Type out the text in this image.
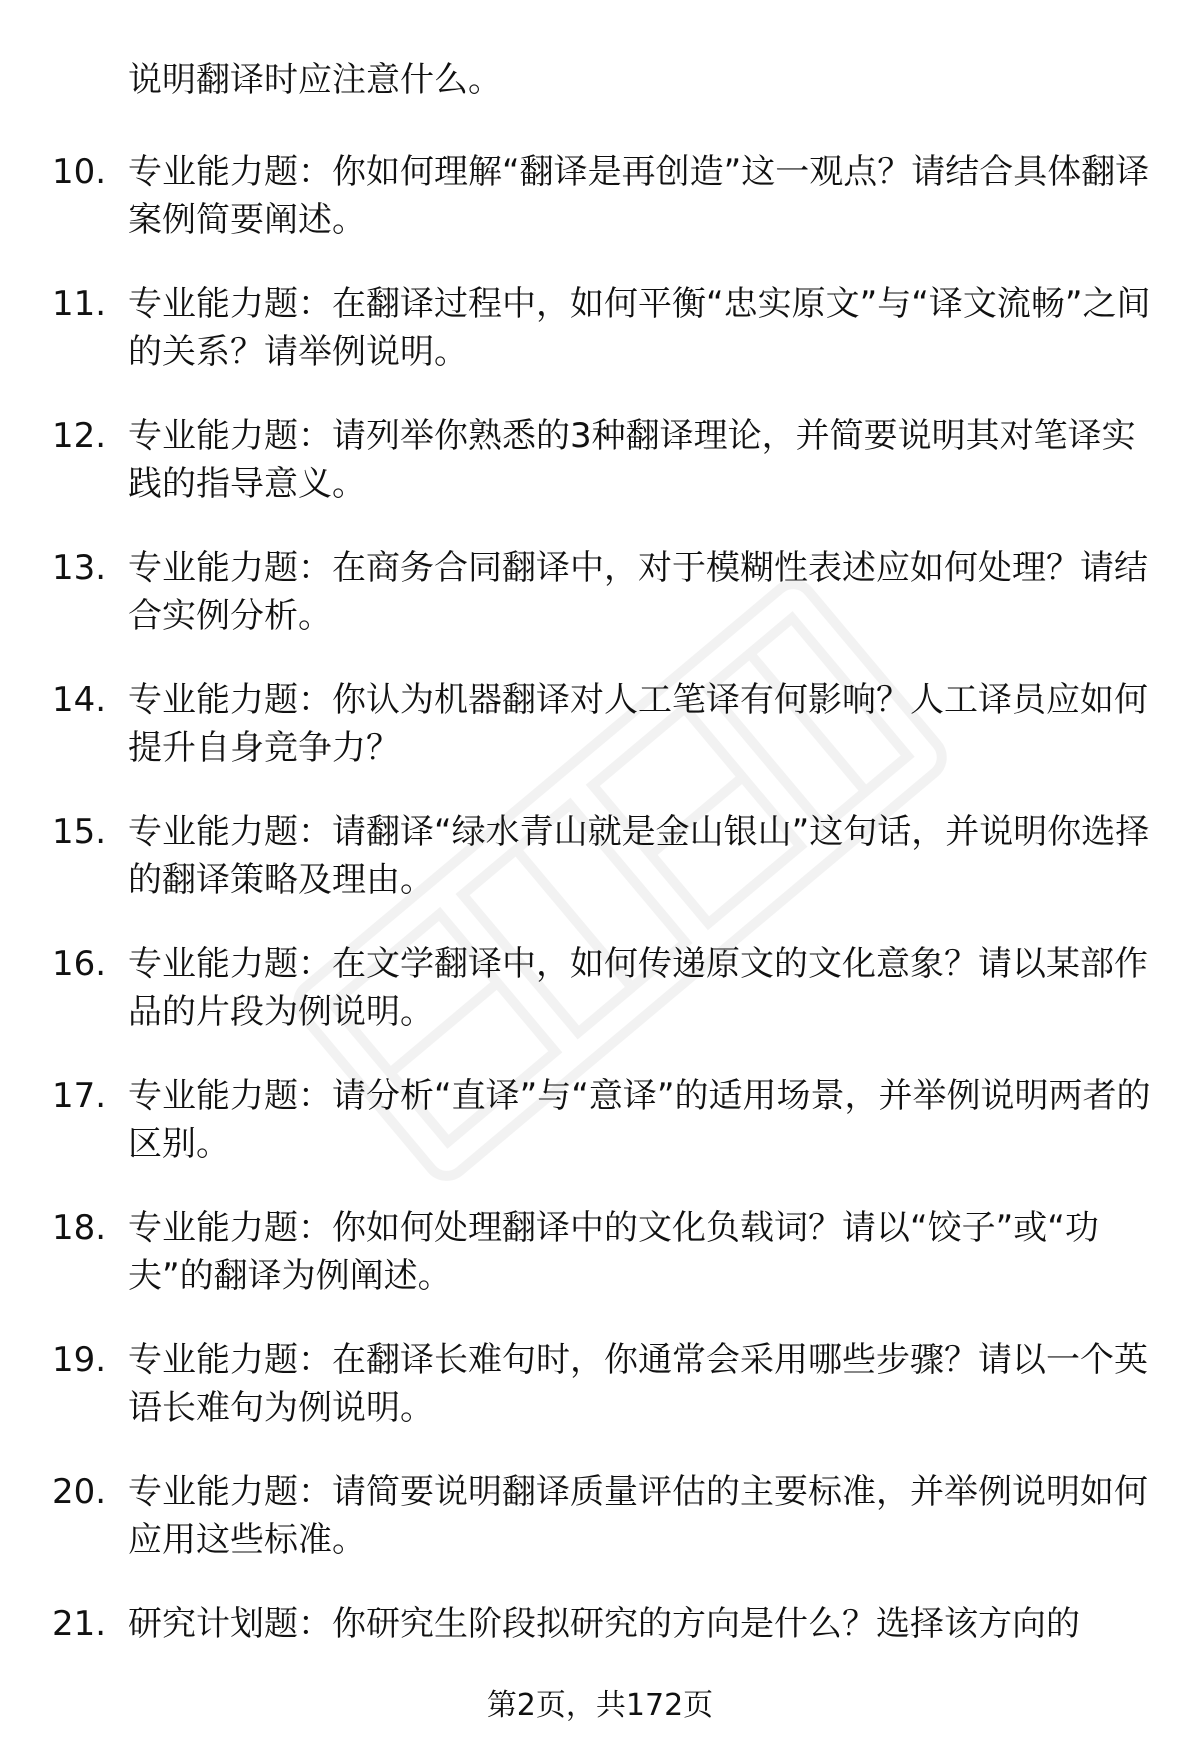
说明翻译时应注意什么。

10. 专业能力题：你如何理解“翻译是再创造”这一观点？请结合具体翻译案例简要阐述。

11. 专业能力题：在翻译过程中，如何平衡“忠实原文”与“译文流畅”之间的关系？请举例说明。

12. 专业能力题：请列举你熟悉的3种翻译理论，并简要说明其对笔译实践的指导意义。

13. 专业能力题：在商务合同翻译中，对于模糊性表述应如何处理？请结合实例分析。

14. 专业能力题：你认为机器翻译对人工笔译有何影响？人工译员应如何提升自身竞争力？

15. 专业能力题：请翻译“绿水青山就是金山银山”这句话，并说明你选择的翻译策略及理由。

16. 专业能力题：在文学翻译中，如何传递原文的文化意象？请以某部作品的片段为例说明。

17. 专业能力题：请分析“直译”与“意译”的适用场景，并举例说明两者的区别。

18. 专业能力题：你如何处理翻译中的文化负载词？请以“饺子”或“功夫”的翻译为例阐述。

19. 专业能力题：在翻译长难句时，你通常会采用哪些步骤？请以一个英语长难句为例说明。

20. 专业能力题：请简要说明翻译质量评估的主要标准，并举例说明如何应用这些标准。

21. 研究计划题：你研究生阶段拟研究的方向是什么？选择该方向的

第2页，共172页
